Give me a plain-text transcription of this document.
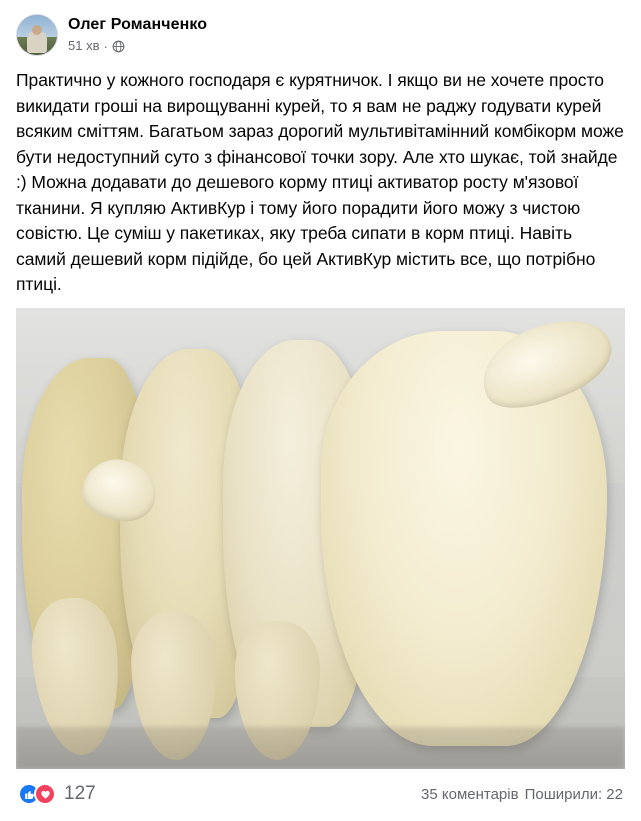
Олег Романченко
51 хв ·
Практично у кожного господаря є курятничок. І якщо ви не хочете просто викидати гроші на вирощуванні курей, то я вам не раджу годувати курей всяким сміттям. Багатьом зараз дорогий мультивітамінний комбікорм може бути недоступний суто з фінансової точки зору. Але хто шукає, той знайде :) Можна додавати до дешевого корму птиці активатор росту м'язової тканини. Я купляю АктивКур і тому його порадити його можу з чистою совістю. Це суміш у пакетиках, яку треба сипати в корм птиці. Навіть самий дешевий корм підійде, бо цей АктивКур містить все, що потрібно птиці.
127	35 коментарів Поширили: 22
